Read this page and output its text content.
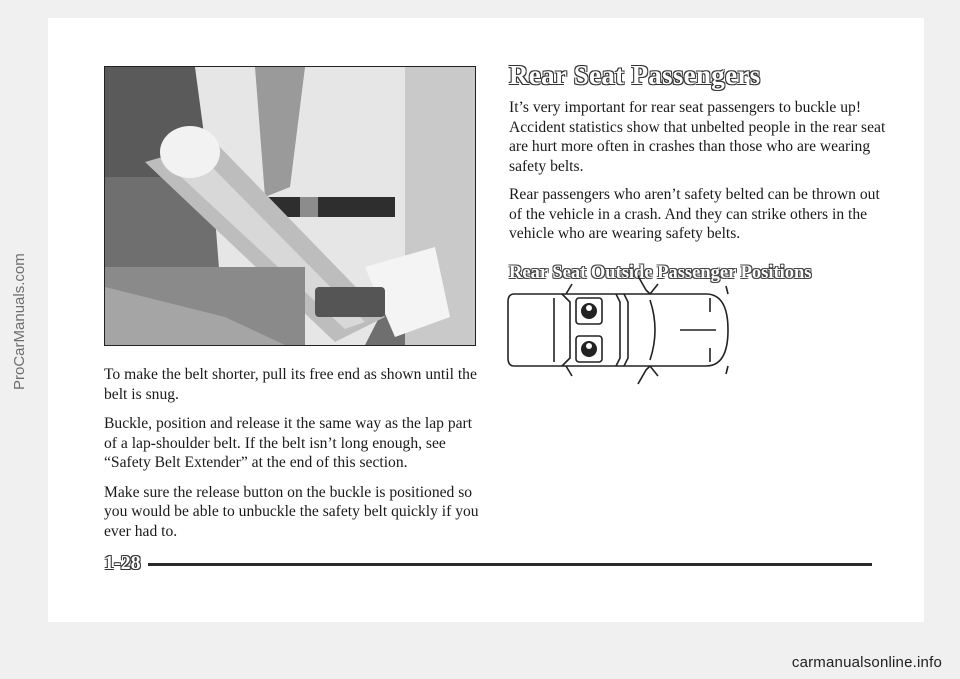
ProCarManuals.com	To make the belt shorter, pull its free end as shown until the belt is snug.

Buckle, position and release it the same way as the lap part of a lap-shoulder belt. If the belt isn’t long enough, see “Safety Belt Extender” at the end of this section.

Make sure the release button on the buckle is positioned so you would be able to unbuckle the safety belt quickly if you ever had to.

Rear Seat Passengers

It’s very important for rear seat passengers to buckle up! Accident statistics show that unbelted people in the rear seat are hurt more often in crashes than those who are wearing safety belts.

Rear passengers who aren’t safety belted can be thrown out of the vehicle in a crash. And they can strike others in the vehicle who are wearing safety belts.

Rear Seat Outside Passenger Positions
1-28
carmanualsonline.info
